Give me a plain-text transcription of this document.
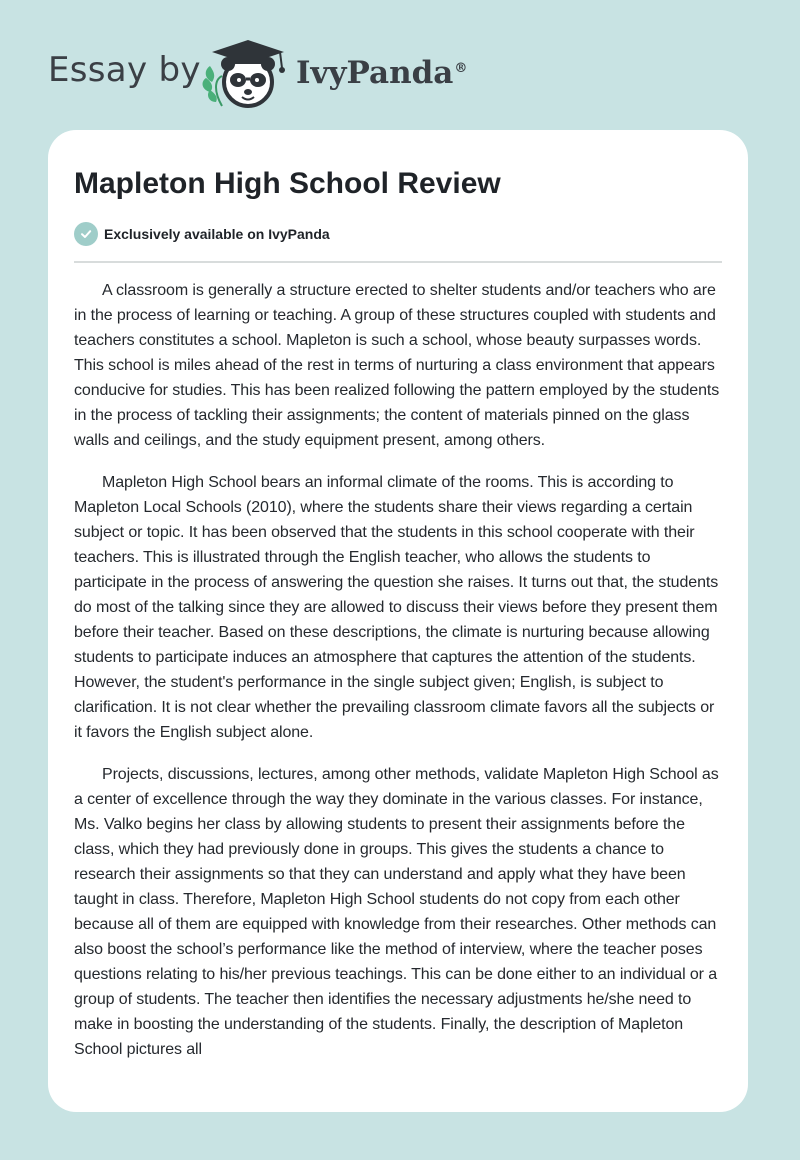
Essay by	IvyPanda®
Mapleton High School Review
Exclusively available on IvyPanda

A classroom is generally a structure erected to shelter students and/or teachers who are in the process of learning or teaching. A group of these structures coupled with students and teachers constitutes a school. Mapleton is such a school, whose beauty surpasses words. This school is miles ahead of the rest in terms of nurturing a class environment that appears conducive for studies. This has been realized following the pattern employed by the students in the process of tackling their assignments; the content of materials pinned on the glass walls and ceilings, and the study equipment present, among others.

Mapleton High School bears an informal climate of the rooms. This is according to Mapleton Local Schools (2010), where the students share their views regarding a certain subject or topic. It has been observed that the students in this school cooperate with their teachers. This is illustrated through the English teacher, who allows the students to participate in the process of answering the question she raises. It turns out that, the students do most of the talking since they are allowed to discuss their views before they present them before their teacher. Based on these descriptions, the climate is nurturing because allowing students to participate induces an atmosphere that captures the attention of the students. However, the student's performance in the single subject given; English, is subject to clarification. It is not clear whether the prevailing classroom climate favors all the subjects or it favors the English subject alone.

Projects, discussions, lectures, among other methods, validate Mapleton High School as a center of excellence through the way they dominate in the various classes. For instance, Ms. Valko begins her class by allowing students to present their assignments before the class, which they had previously done in groups. This gives the students a chance to research their assignments so that they can understand and apply what they have been taught in class. Therefore, Mapleton High School students do not copy from each other because all of them are equipped with knowledge from their researches. Other methods can also boost the school’s performance like the method of interview, where the teacher poses questions relating to his/her previous teachings. This can be done either to an individual or a group of students. The teacher then identifies the necessary adjustments he/she need to make in boosting the understanding of the students. Finally, the description of Mapleton School pictures all
